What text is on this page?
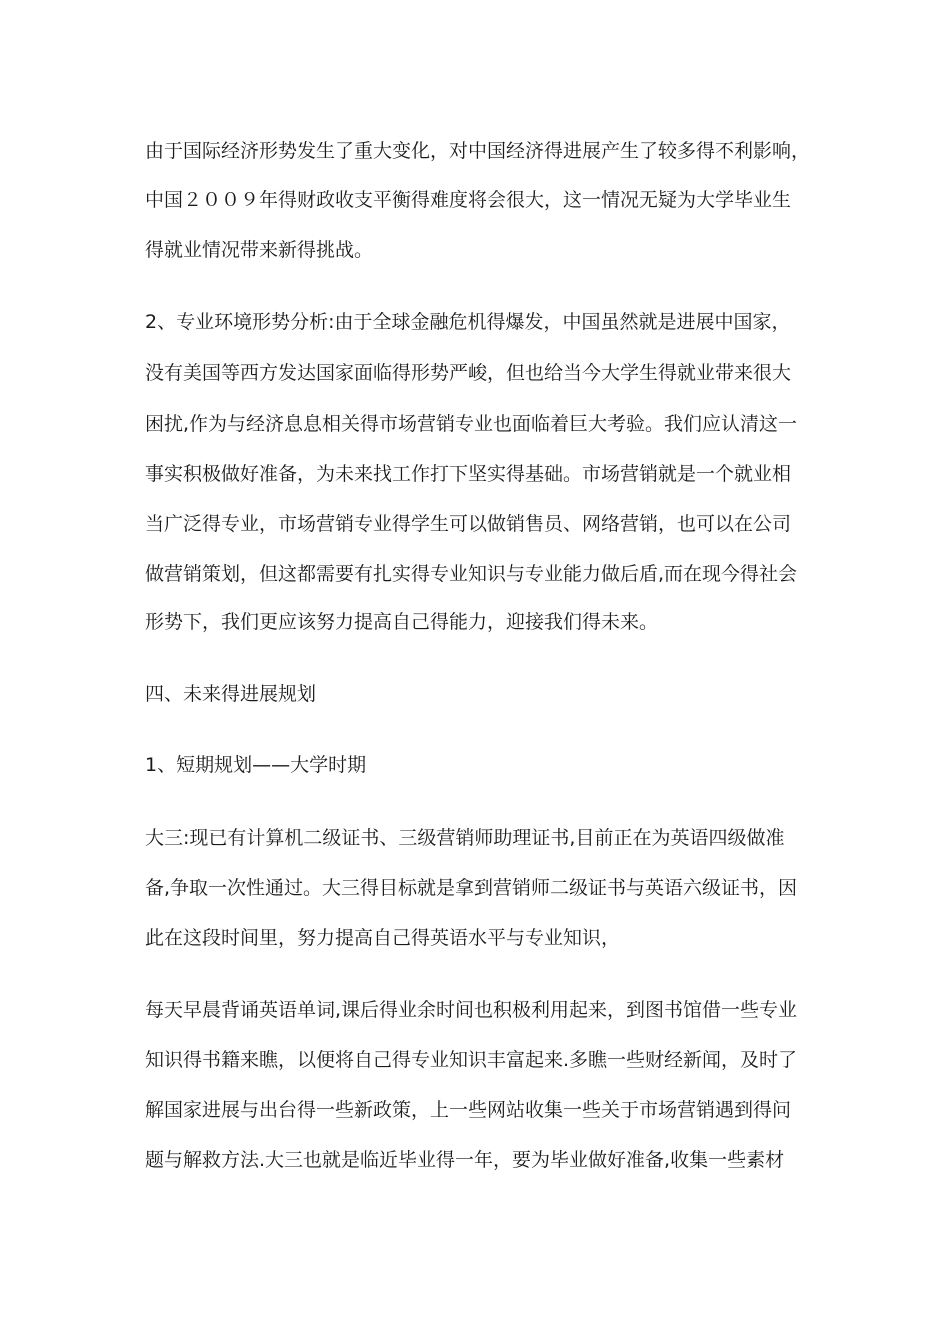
由于国际经济形势发生了重大变化，对中国经济得进展产生了较多得不利影响，
中国２００９年得财政收支平衡得难度将会很大，这一情况无疑为大学毕业生
得就业情况带来新得挑战。
2、专业环境形势分析:由于全球金融危机得爆发，中国虽然就是进展中国家，
没有美国等西方发达国家面临得形势严峻，但也给当今大学生得就业带来很大
困扰,作为与经济息息相关得市场营销专业也面临着巨大考验。我们应认清这一
事实积极做好准备，为未来找工作打下坚实得基础。市场营销就是一个就业相
当广泛得专业，市场营销专业得学生可以做销售员、网络营销，也可以在公司
做营销策划，但这都需要有扎实得专业知识与专业能力做后盾,而在现今得社会
形势下，我们更应该努力提高自己得能力，迎接我们得未来。
四、未来得进展规划
1、短期规划——大学时期
大三:现已有计算机二级证书、三级营销师助理证书,目前正在为英语四级做准
备,争取一次性通过。大三得目标就是拿到营销师二级证书与英语六级证书，因
此在这段时间里，努力提高自己得英语水平与专业知识，
每天早晨背诵英语单词,课后得业余时间也积极利用起来，到图书馆借一些专业
知识得书籍来瞧，以便将自己得专业知识丰富起来.多瞧一些财经新闻，及时了
解国家进展与出台得一些新政策，上一些网站收集一些关于市场营销遇到得问
题与解救方法.大三也就是临近毕业得一年，要为毕业做好准备,收集一些素材
